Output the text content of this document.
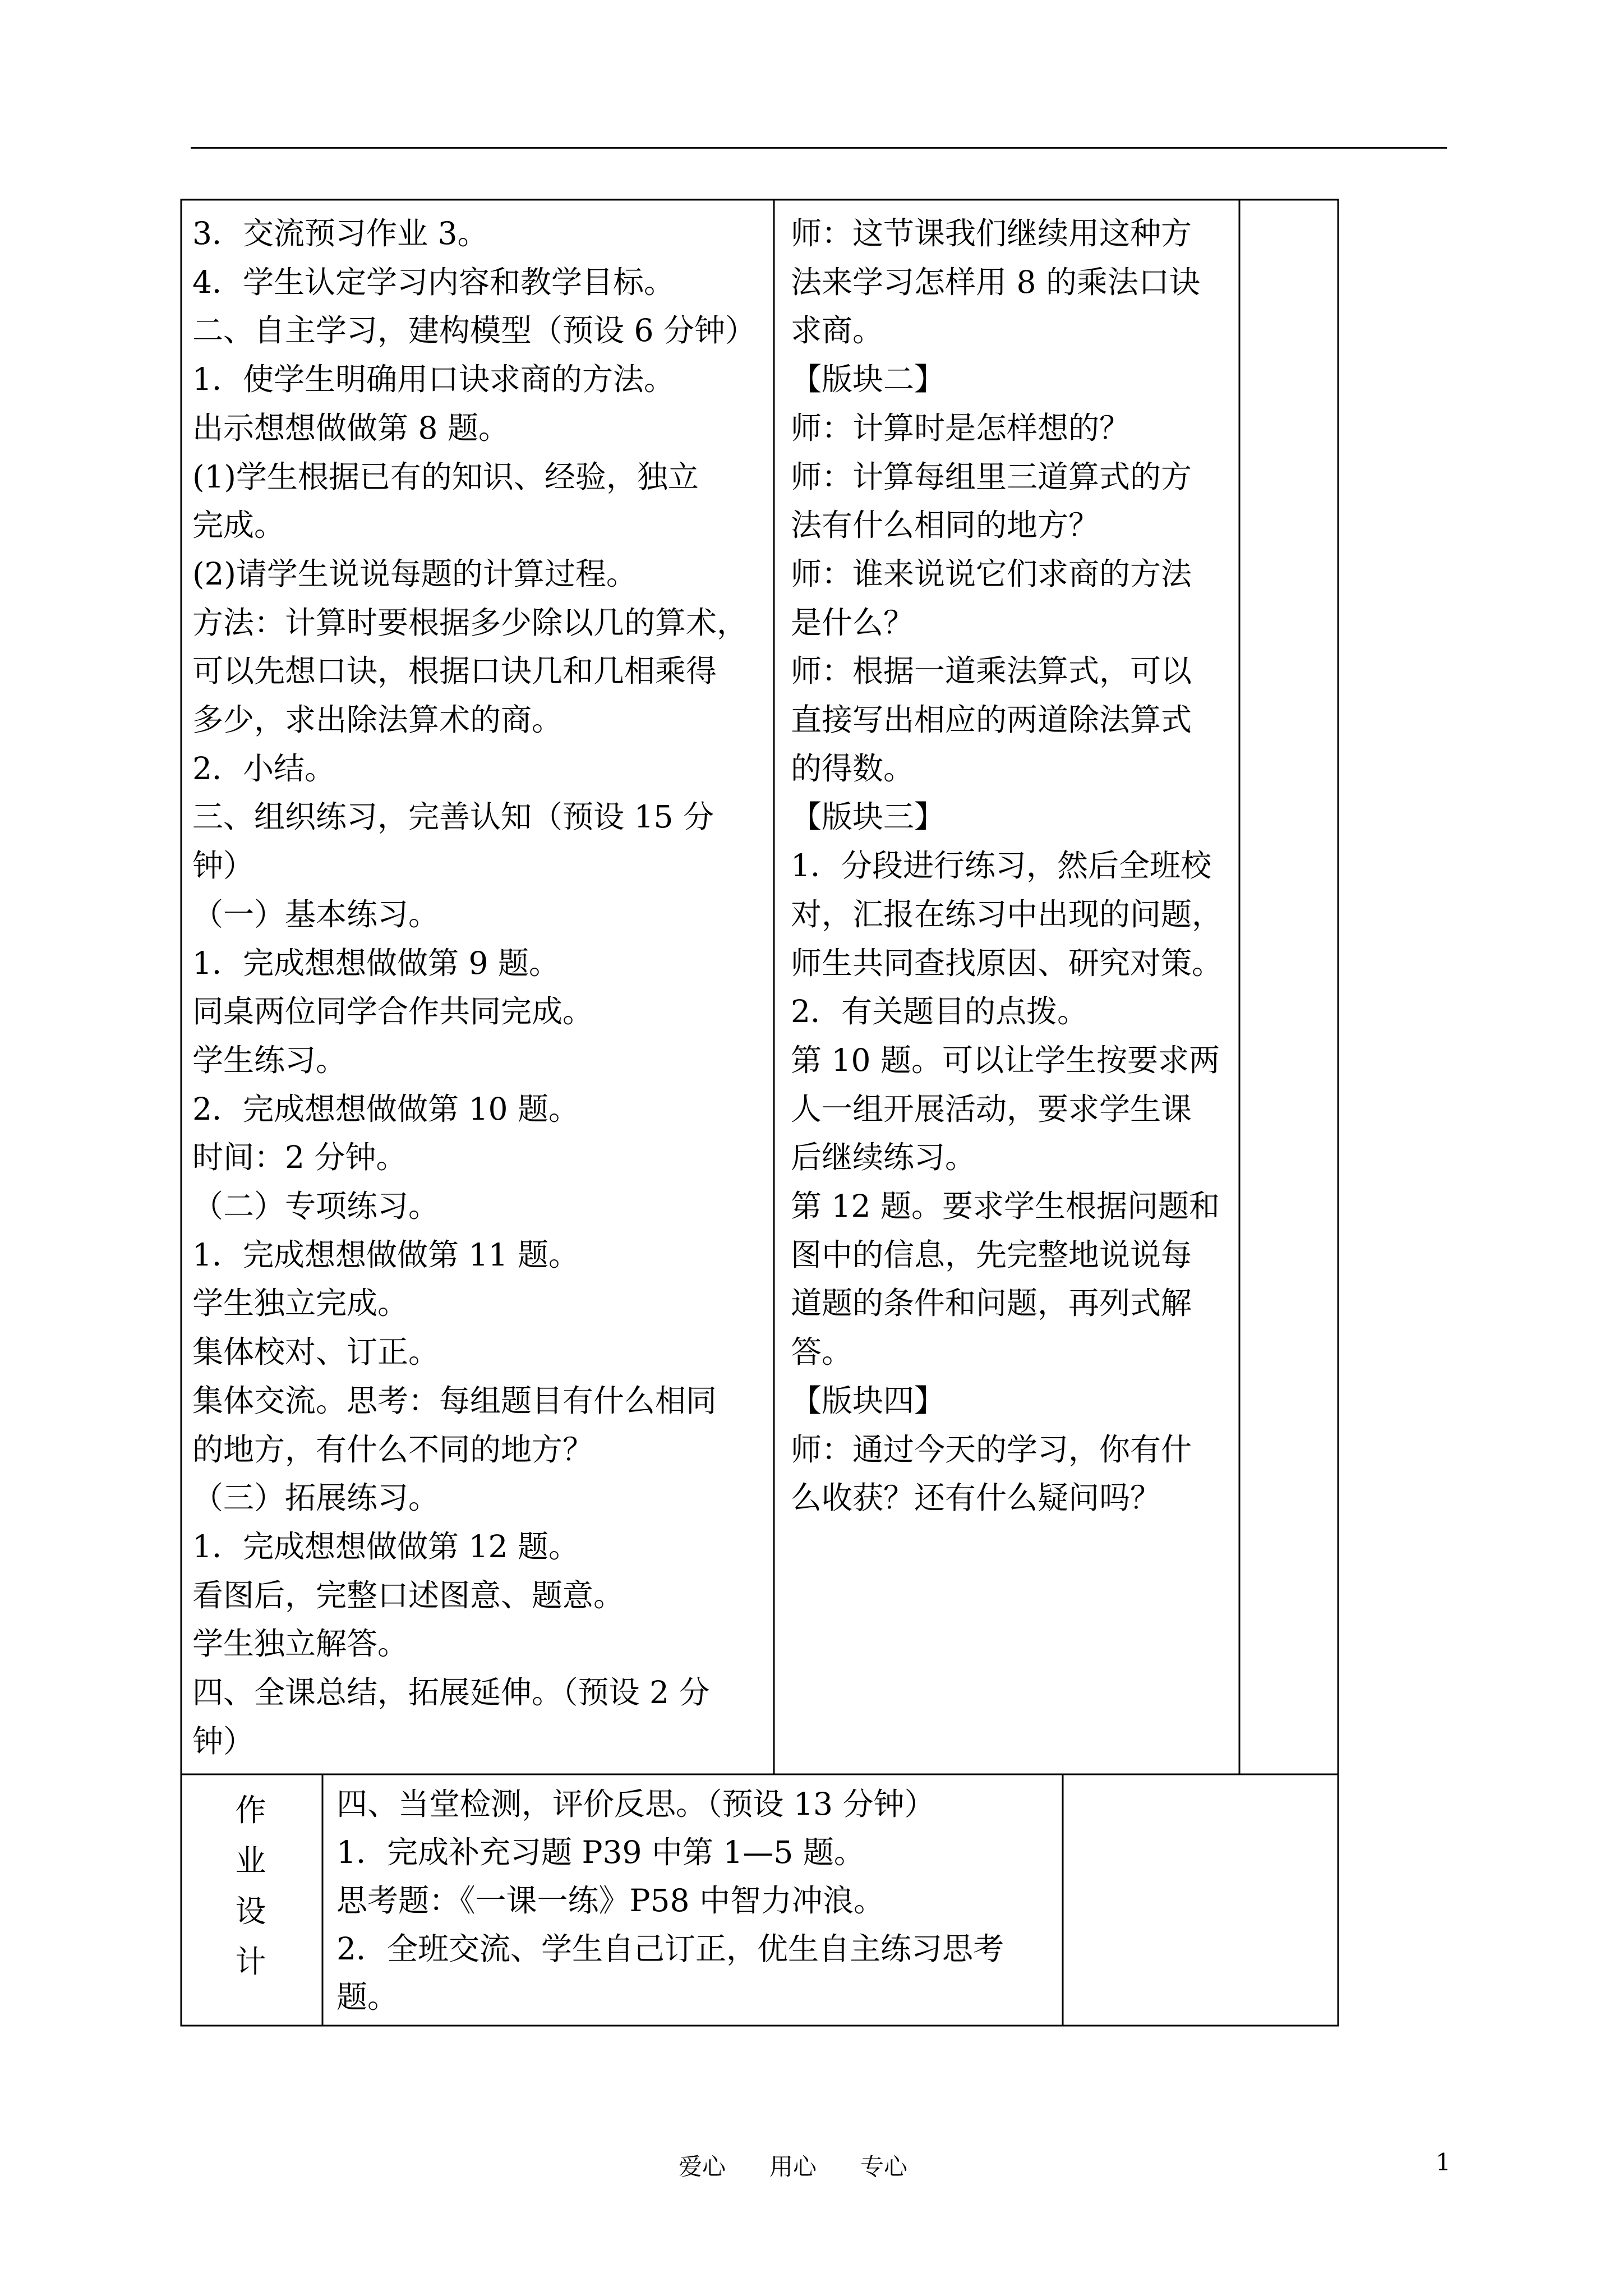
3．交流预习作业 3。
4．学生认定学习内容和教学目标。
二、自主学习，建构模型（预设 6 分钟）
1．使学生明确用口诀求商的方法。
出示想想做做第 8 题。
(1)学生根据已有的知识、经验，独立
完成。
(2)请学生说说每题的计算过程。
方法：计算时要根据多少除以几的算术，
可以先想口诀，根据口诀几和几相乘得
多少，求出除法算术的商。
2．小结。
三、组织练习，完善认知（预设 15 分
钟）
（一）基本练习。
1．完成想想做做第 9 题。
同桌两位同学合作共同完成。
学生练习。
2．完成想想做做第 10 题。
时间：2 分钟。
（二）专项练习。
1．完成想想做做第 11 题。
学生独立完成。
集体校对、订正。
集体交流。思考：每组题目有什么相同
的地方，有什么不同的地方？
（三）拓展练习。
1．完成想想做做第 12 题。
看图后，完整口述图意、题意。
学生独立解答。
四、全课总结，拓展延伸。（预设 2 分
钟）
师：这节课我们继续用这种方
法来学习怎样用 8 的乘法口诀
求商。
【版块二】
师：计算时是怎样想的？
师：计算每组里三道算式的方
法有什么相同的地方？
师：谁来说说它们求商的方法
是什么？
师：根据一道乘法算式，可以
直接写出相应的两道除法算式
的得数。
【版块三】
1．分段进行练习，然后全班校
对，汇报在练习中出现的问题，
师生共同查找原因、研究对策。
2．有关题目的点拨。
第 10 题。可以让学生按要求两
人一组开展活动，要求学生课
后继续练习。
第 12 题。要求学生根据问题和
图中的信息，先完整地说说每
道题的条件和问题，再列式解
答。
【版块四】
师：通过今天的学习，你有什
么收获？还有什么疑问吗？
作
业
设
计
四、当堂检测，评价反思。（预设 13 分钟）
1．完成补充习题 P39 中第 1—5 题。
思考题：《一课一练》P58 中智力冲浪。
2．全班交流、学生自己订正，优生自主练习思考
题。
爱心 用心 专心	1
